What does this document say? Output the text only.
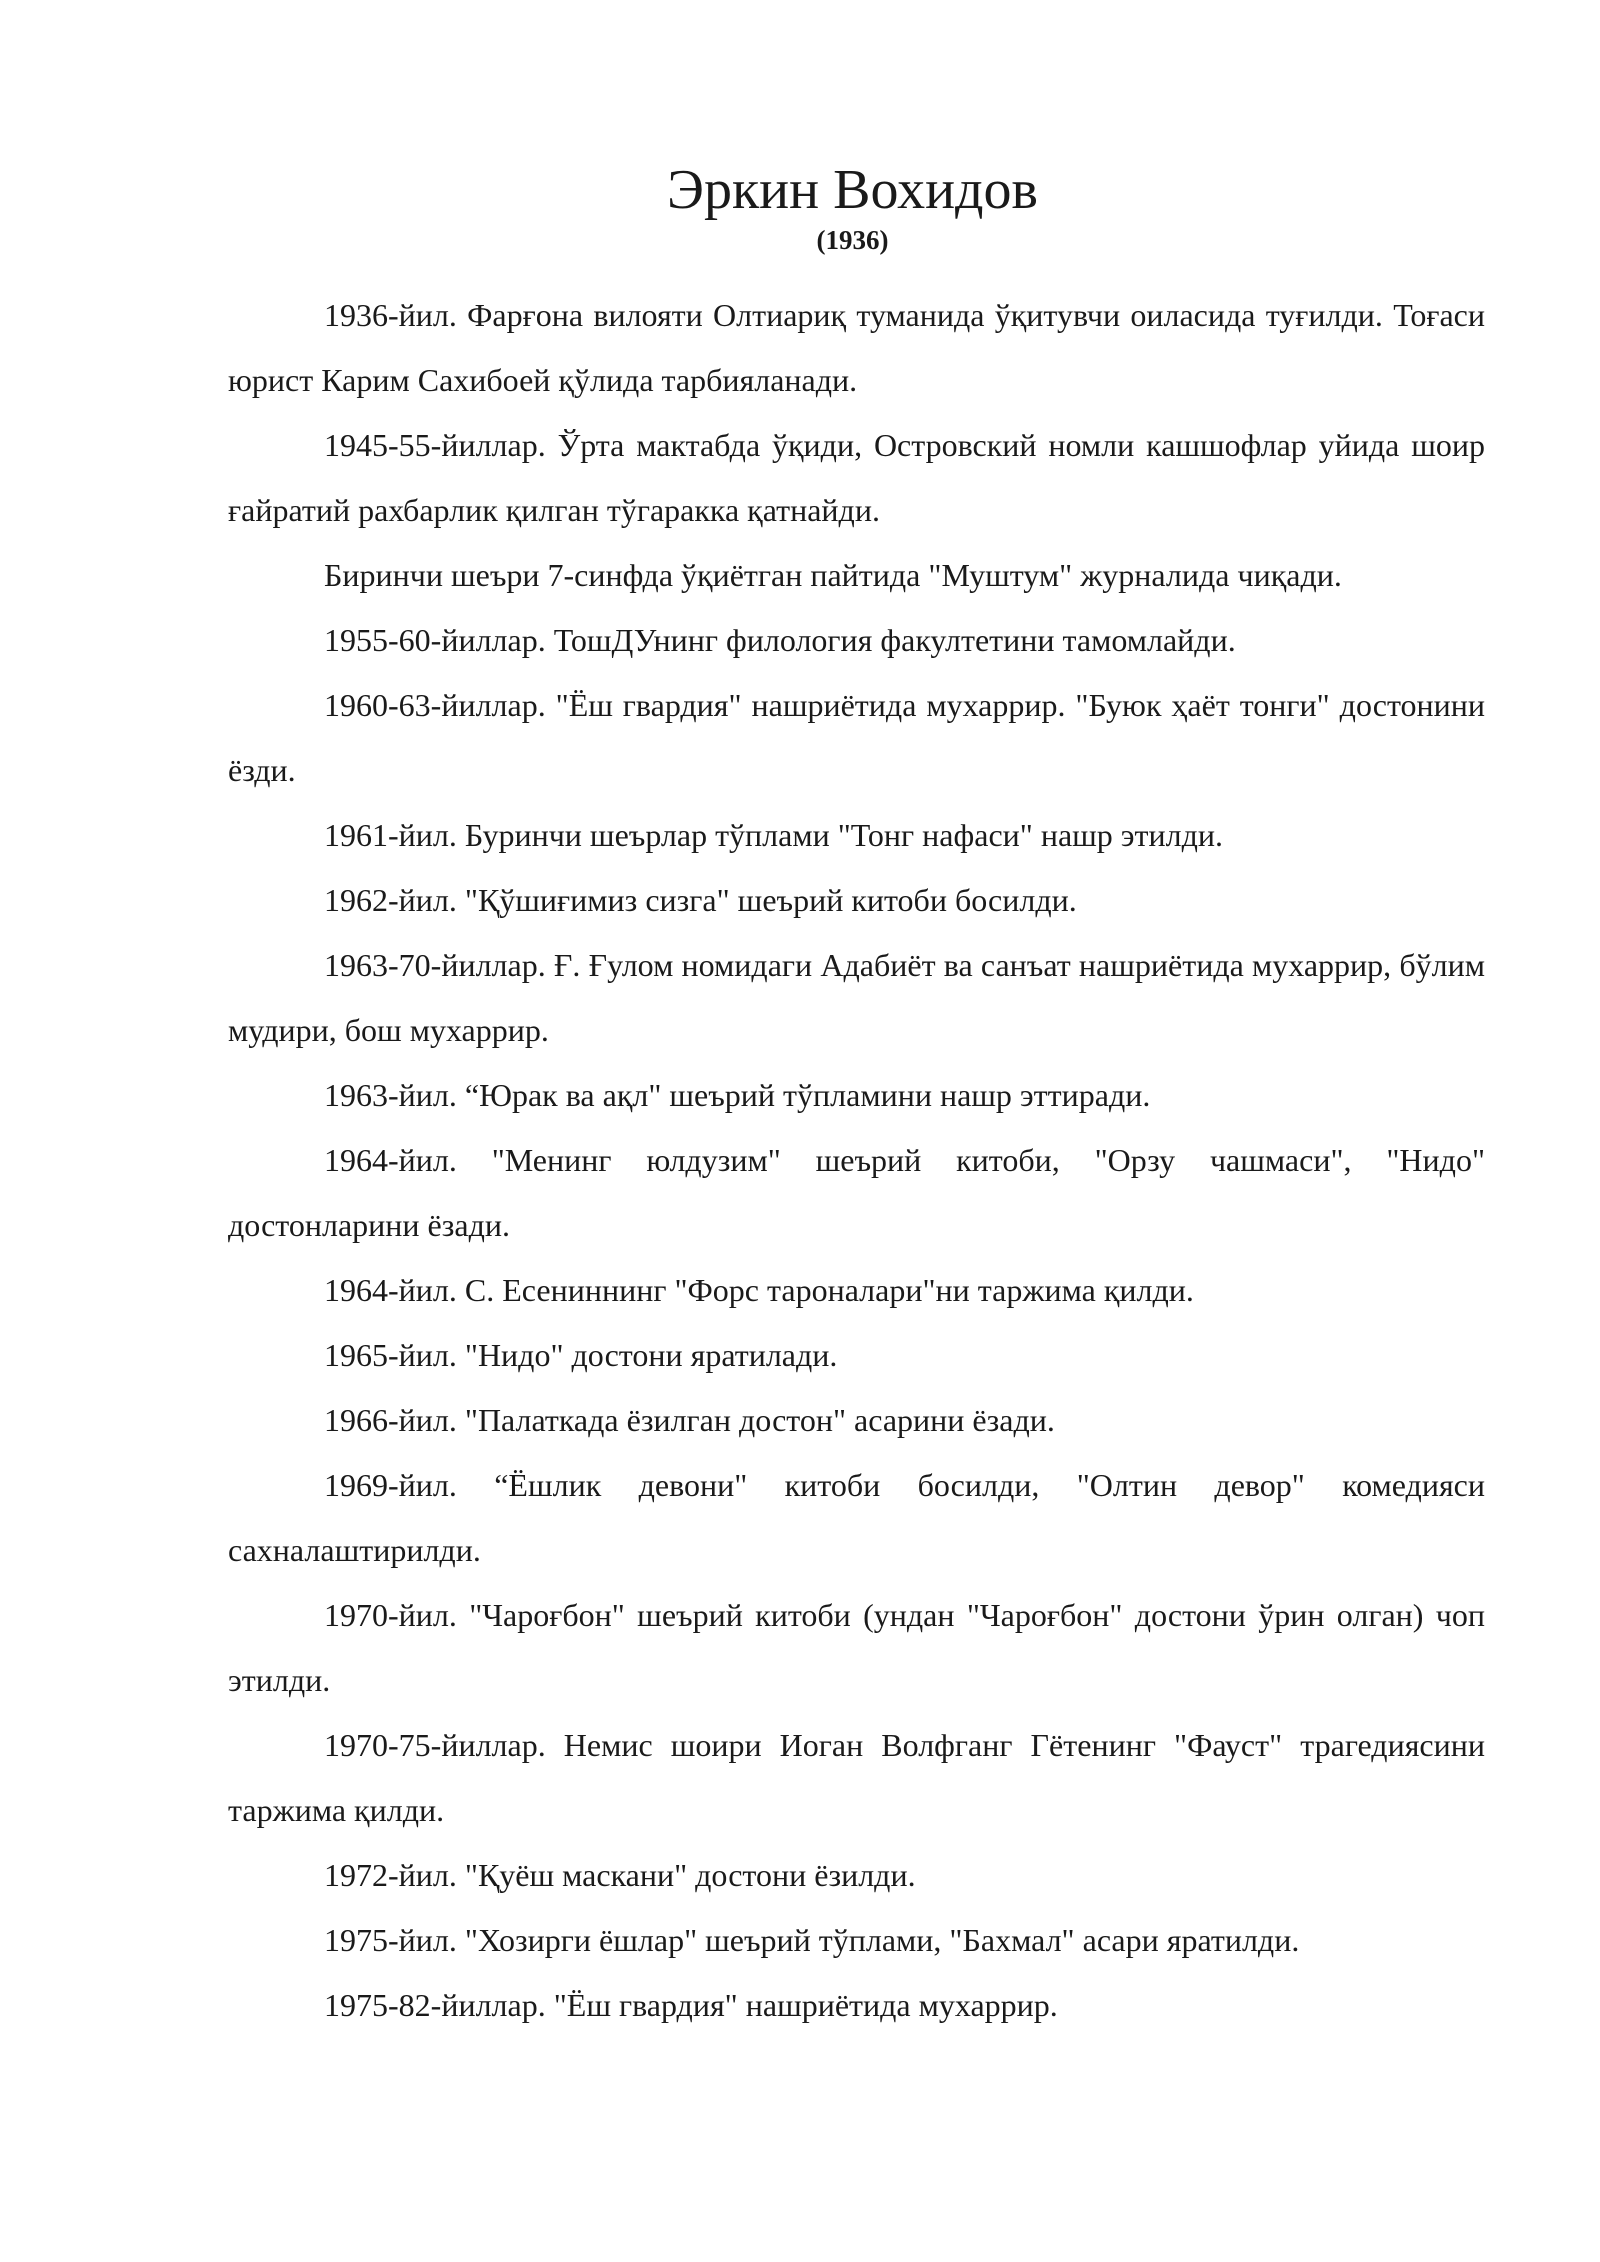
Эркин Вохидов
(1936)

1936-йил. Фарғона вилояти Олтиариқ туманида ўқитувчи оиласида туғилди. Тоғаси юрист Карим Сахибоей қўлида тарбияланади.

1945-55-йиллар. Ўрта мактабда ўқиди, Островский номли кашшофлар уйида шоир ғайратий рахбарлик қилган тўгаракка қатнайди.

Биринчи шеъри 7-синфда ўқиётган пайтида "Муштум" журналида чиқади.

1955-60-йиллар. ТошДУнинг филология факултетини тамомлайди.

1960-63-йиллар. "Ёш гвардия" нашриётида мухаррир. "Буюк ҳаёт тонги" достонини ёзди.

1961-йил. Буринчи шеърлар тўплами "Тонг нафаси" нашр этилди.

1962-йил. "Қўшиғимиз сизга" шеърий китоби босилди.

1963-70-йиллар. Ғ. Ғулом номидаги Адабиёт ва санъат нашриётида мухаррир, бўлим мудири, бош мухаррир.

1963-йил. “Юрак ва ақл" шеърий тўпламини нашр эттиради.

1964-йил. "Менинг юлдузим" шеърий китоби, "Орзу чашмаси", "Нидо" достонларини ёзади.

1964-йил. С. Есениннинг "Форс тароналари"ни таржима қилди.

1965-йил. "Нидо" достони яратилади.

1966-йил. "Палаткада ёзилган достон" асарини ёзади.

1969-йил. “Ёшлик девони" китоби босилди, "Олтин девор" комедияси сахналаштирилди.

1970-йил. "Чароғбон" шеърий китоби (ундан "Чароғбон" достони ўрин олган) чоп этилди.

1970-75-йиллар. Немис шоири Иоган Волфганг Гётенинг "Фауст" трагедиясини таржима қилди.

1972-йил. "Қуёш маскани" достони ёзилди.

1975-йил. "Хозирги ёшлар" шеърий тўплами, "Бахмал" асари яратилди.

1975-82-йиллар. "Ёш гвардия" нашриётида мухаррир.
